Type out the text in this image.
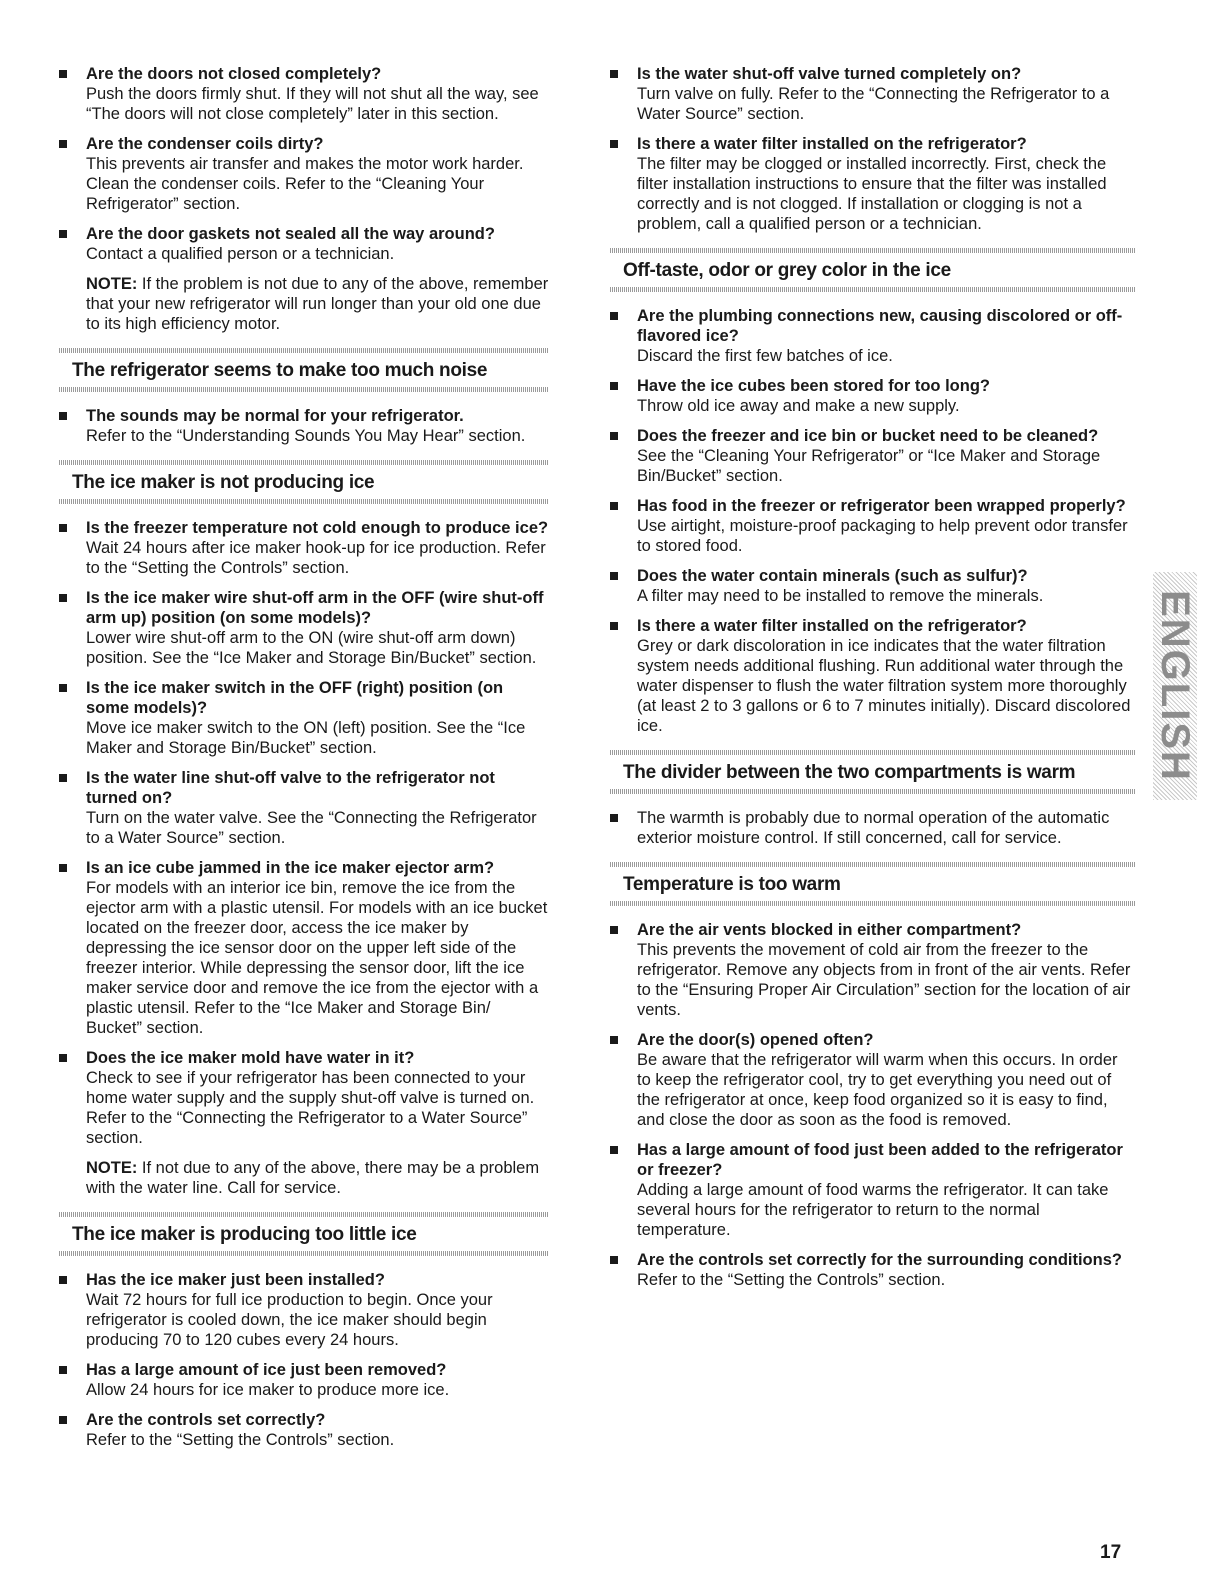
Are the doors not closed completely?
Push the doors firmly shut. If they will not shut all the way, see “The doors will not close completely” later in this section.
Are the condenser coils dirty?
This prevents air transfer and makes the motor work harder. Clean the condenser coils. Refer to the “Cleaning Your Refrigerator” section.
Are the door gaskets not sealed all the way around?
Contact a qualified person or a technician.
NOTE: If the problem is not due to any of the above, remember that your new refrigerator will run longer than your old one due to its high efficiency motor.
The refrigerator seems to make too much noise
The sounds may be normal for your refrigerator.
Refer to the “Understanding Sounds You May Hear” section.
The ice maker is not producing ice
Is the freezer temperature not cold enough to produce ice?
Wait 24 hours after ice maker hook-up for ice production. Refer to the “Setting the Controls” section.
Is the ice maker wire shut-off arm in the OFF (wire shut-off arm up) position (on some models)?
Lower wire shut-off arm to the ON (wire shut-off arm down) position. See the “Ice Maker and Storage Bin/Bucket” section.
Is the ice maker switch in the OFF (right) position (on some models)?
Move ice maker switch to the ON (left) position. See the “Ice Maker and Storage Bin/Bucket” section.
Is the water line shut-off valve to the refrigerator not turned on?
Turn on the water valve. See the “Connecting the Refrigerator to a Water Source” section.
Is an ice cube jammed in the ice maker ejector arm?
For models with an interior ice bin, remove the ice from the ejector arm with a plastic utensil. For models with an ice bucket located on the freezer door, access the ice maker by depressing the ice sensor door on the upper left side of the freezer interior. While depressing the sensor door, lift the ice maker service door and remove the ice from the ejector with a plastic utensil. Refer to the “Ice Maker and Storage Bin/ Bucket” section.
Does the ice maker mold have water in it?
Check to see if your refrigerator has been connected to your home water supply and the supply shut-off valve is turned on. Refer to the “Connecting the Refrigerator to a Water Source” section.
NOTE: If not due to any of the above, there may be a problem with the water line. Call for service.
The ice maker is producing too little ice
Has the ice maker just been installed?
Wait 72 hours for full ice production to begin. Once your refrigerator is cooled down, the ice maker should begin producing 70 to 120 cubes every 24 hours.
Has a large amount of ice just been removed?
Allow 24 hours for ice maker to produce more ice.
Are the controls set correctly?
Refer to the “Setting the Controls” section.
Is the water shut-off valve turned completely on?
Turn valve on fully. Refer to the “Connecting the Refrigerator to a Water Source” section.
Is there a water filter installed on the refrigerator?
The filter may be clogged or installed incorrectly. First, check the filter installation instructions to ensure that the filter was installed correctly and is not clogged. If installation or clogging is not a problem, call a qualified person or a technician.
Off-taste, odor or grey color in the ice
Are the plumbing connections new, causing discolored or off-flavored ice?
Discard the first few batches of ice.
Have the ice cubes been stored for too long?
Throw old ice away and make a new supply.
Does the freezer and ice bin or bucket need to be cleaned?
See the “Cleaning Your Refrigerator” or “Ice Maker and Storage Bin/Bucket” section.
Has food in the freezer or refrigerator been wrapped properly?
Use airtight, moisture-proof packaging to help prevent odor transfer to stored food.
Does the water contain minerals (such as sulfur)?
A filter may need to be installed to remove the minerals.
Is there a water filter installed on the refrigerator?
Grey or dark discoloration in ice indicates that the water filtration system needs additional flushing. Run additional water through the water dispenser to flush the water filtration system more thoroughly (at least 2 to 3 gallons or 6 to 7 minutes initially). Discard discolored ice.
The divider between the two compartments is warm
The warmth is probably due to normal operation of the automatic exterior moisture control. If still concerned, call for service.
Temperature is too warm
Are the air vents blocked in either compartment?
This prevents the movement of cold air from the freezer to the refrigerator. Remove any objects from in front of the air vents. Refer to the “Ensuring Proper Air Circulation” section for the location of air vents.
Are the door(s) opened often?
Be aware that the refrigerator will warm when this occurs. In order to keep the refrigerator cool, try to get everything you need out of the refrigerator at once, keep food organized so it is easy to find, and close the door as soon as the food is removed.
Has a large amount of food just been added to the refrigerator or freezer?
Adding a large amount of food warms the refrigerator. It can take several hours for the refrigerator to return to the normal temperature.
Are the controls set correctly for the surrounding conditions?
Refer to the “Setting the Controls” section.
ENGLISH
17
